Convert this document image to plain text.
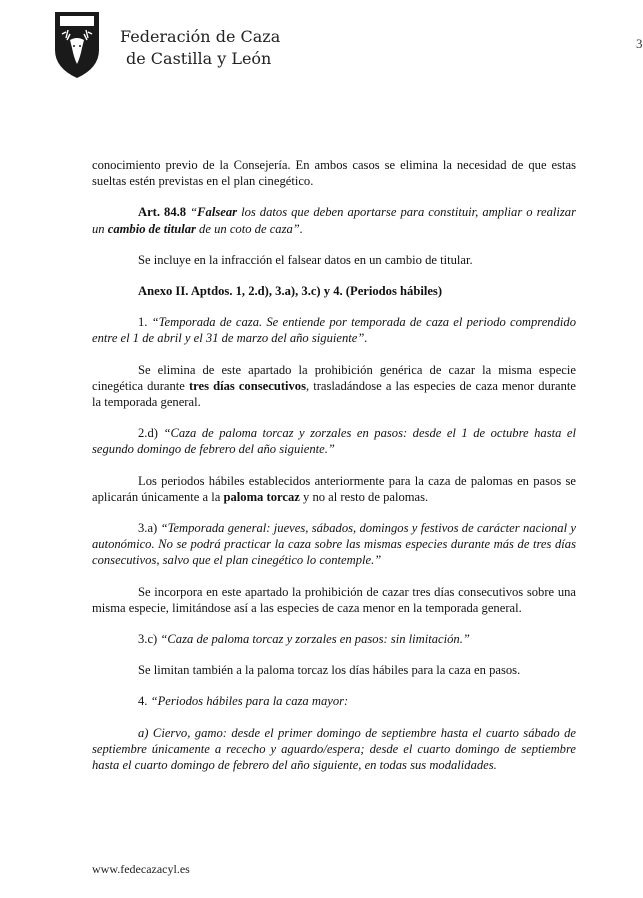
Federación de Caza
de Castilla y León
3

conocimiento previo de la Consejería. En ambos casos se elimina la necesidad de que estas sueltas estén previstas en el plan cinegético.

Art. 84.8 “Falsear los datos que deben aportarse para constituir, ampliar o realizar un cambio de titular de un coto de caza”.

Se incluye en la infracción el falsear datos en un cambio de titular.

Anexo II. Aptdos. 1, 2.d), 3.a), 3.c) y 4. (Periodos hábiles)

1. “Temporada de caza. Se entiende por temporada de caza el periodo comprendido entre el 1 de abril y el 31 de marzo del año siguiente”.

Se elimina de este apartado la prohibición genérica de cazar la misma especie cinegética durante tres días consecutivos, trasladándose a las especies de caza menor durante la temporada general.

2.d) “Caza de paloma torcaz y zorzales en pasos: desde el 1 de octubre hasta el segundo domingo de febrero del año siguiente.”

Los periodos hábiles establecidos anteriormente para la caza de palomas en pasos se aplicarán únicamente a la paloma torcaz y no al resto de palomas.

3.a) “Temporada general: jueves, sábados, domingos y festivos de carácter nacional y autonómico. No se podrá practicar la caza sobre las mismas especies durante más de tres días consecutivos, salvo que el plan cinegético lo contemple.”

Se incorpora en este apartado la prohibición de cazar tres días consecutivos sobre una misma especie, limitándose así a las especies de caza menor en la temporada general.

3.c) “Caza de paloma torcaz y zorzales en pasos: sin limitación.”

Se limitan también a la paloma torcaz los días hábiles para la caza en pasos.

4. “Periodos hábiles para la caza mayor:

a) Ciervo, gamo: desde el primer domingo de septiembre hasta el cuarto sábado de septiembre únicamente a rececho y aguardo/espera; desde el cuarto domingo de septiembre hasta el cuarto domingo de febrero del año siguiente, en todas sus modalidades.

www.fedecazacyl.es
